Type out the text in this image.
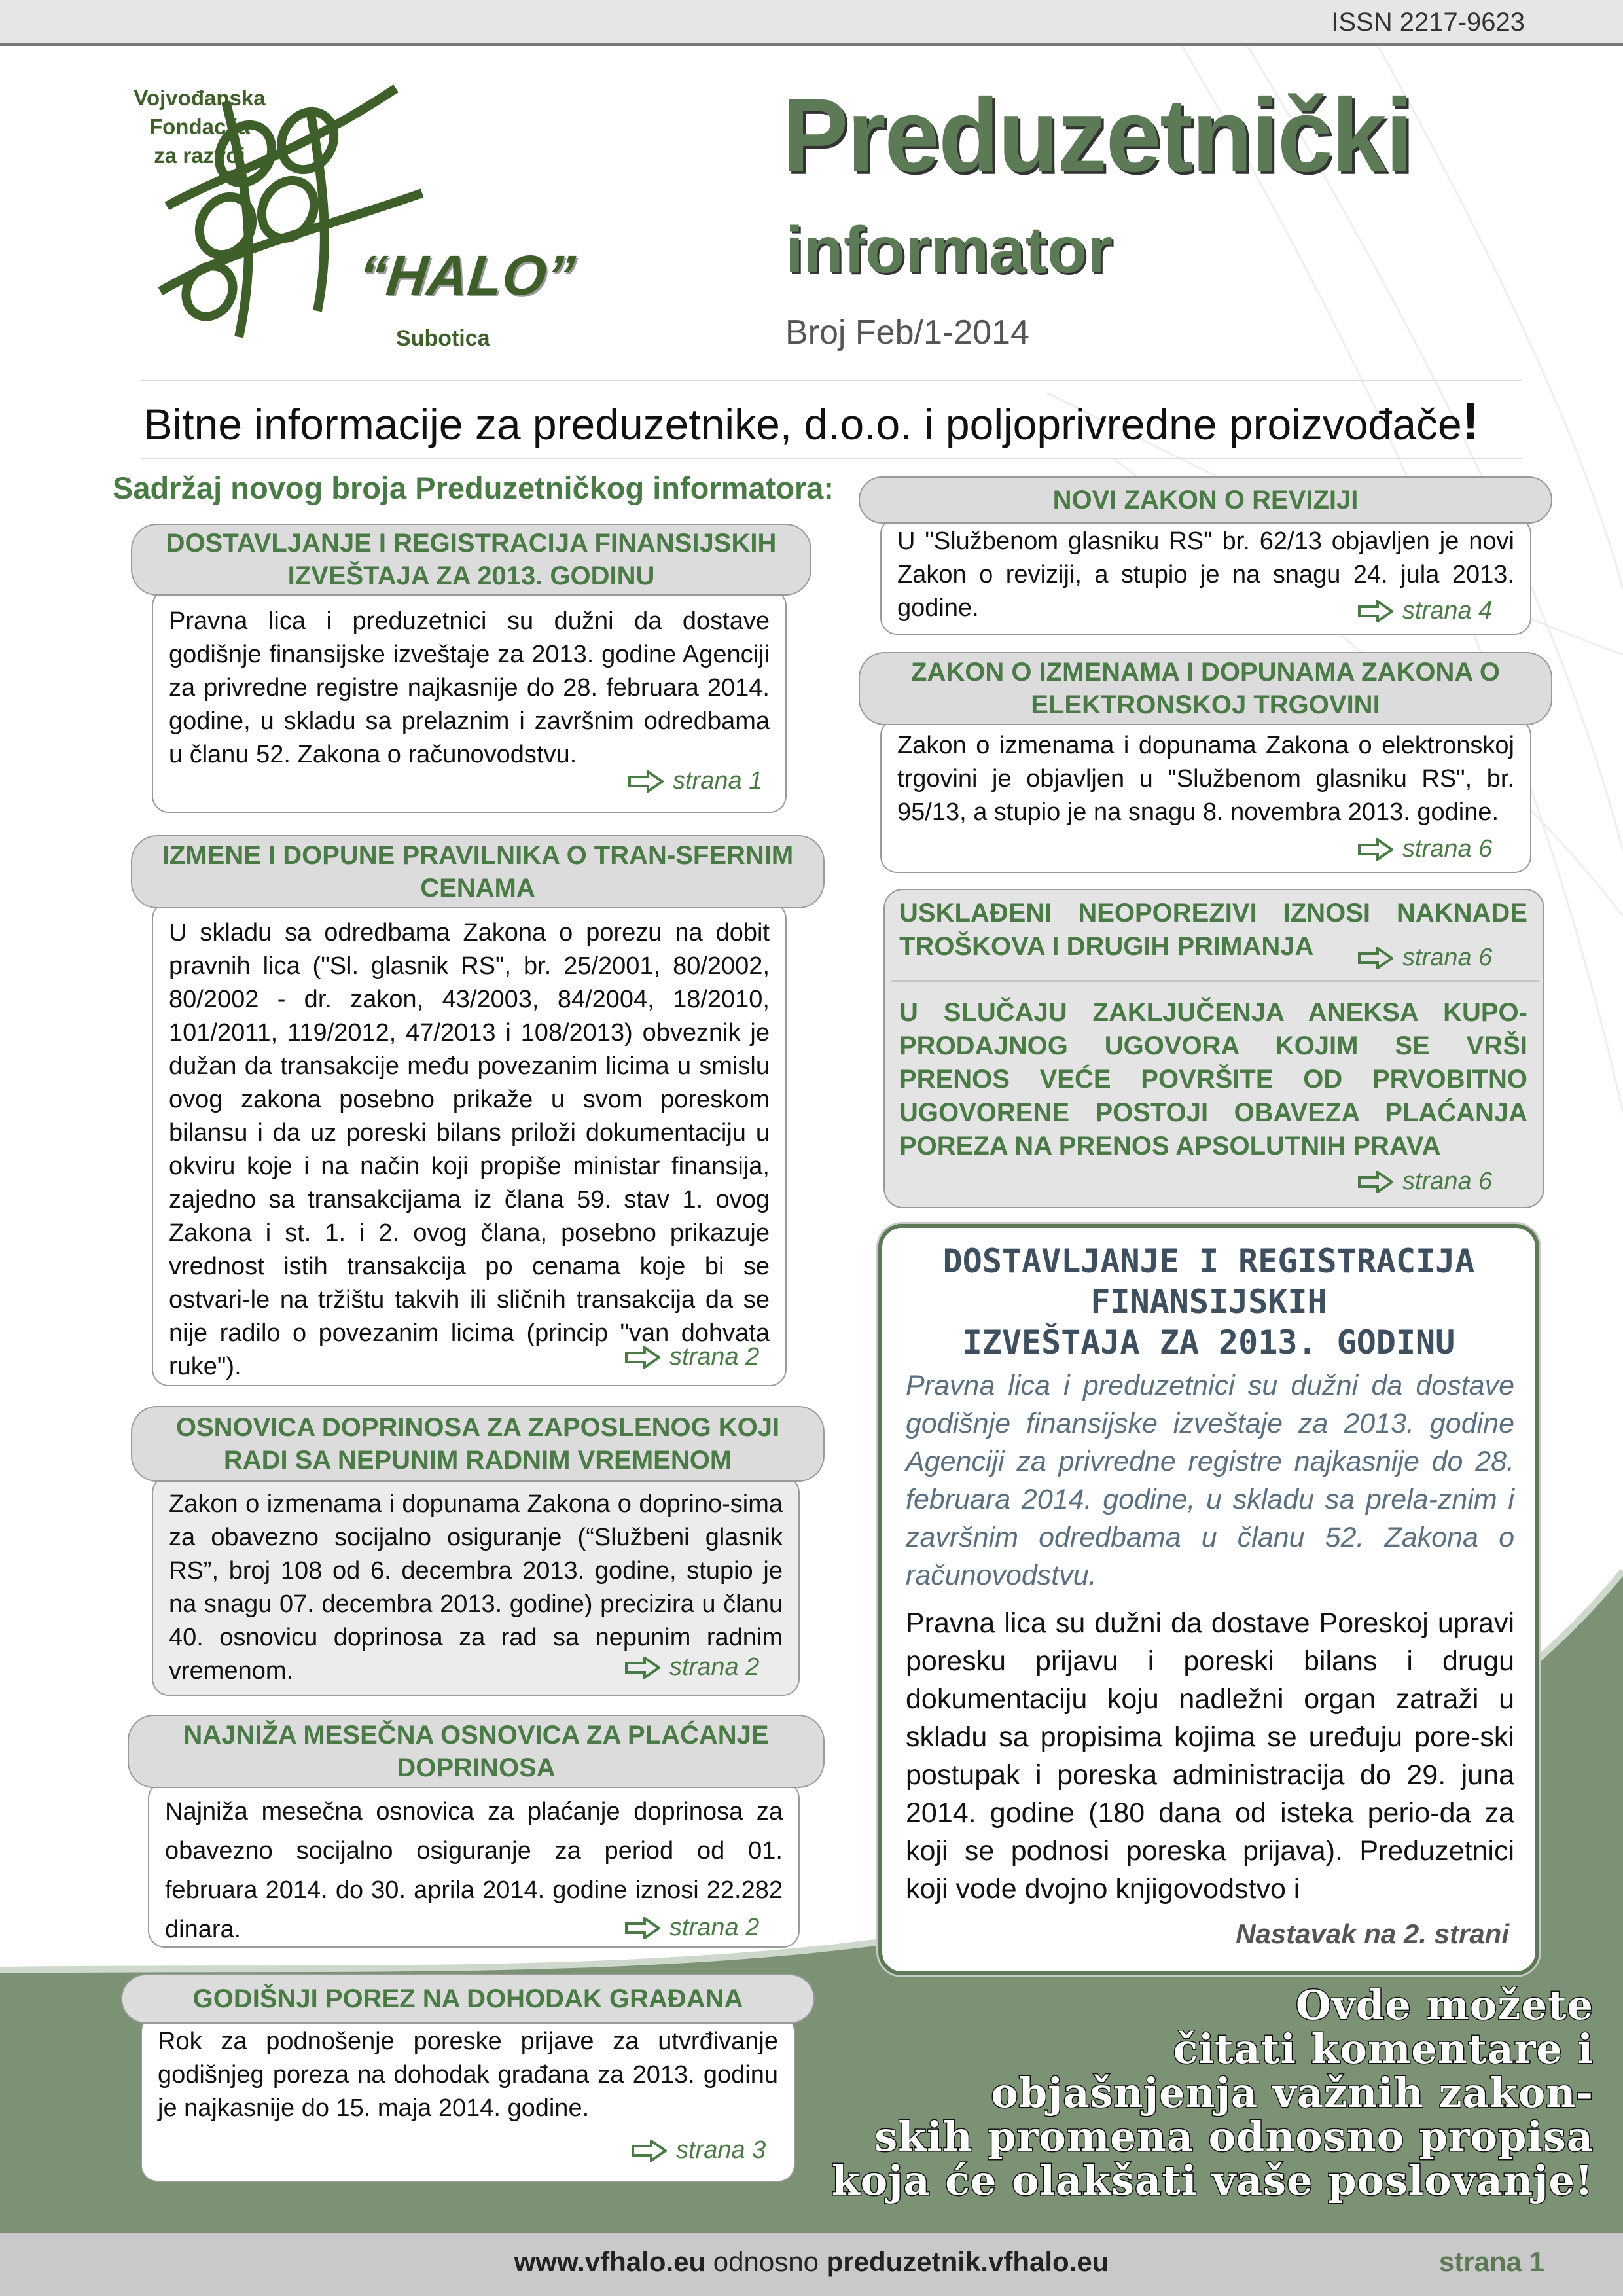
ISSN 2217-9623
Vojvođanska Fondacija
za razvoj
“HALO”
Subotica
Preduzetnički
informator
Broj Feb/1-2014
Bitne informacije za preduzetnike, d.o.o. i poljoprivredne proizvođače!
Sadržaj novog broja Preduzetničkog informatora:
Pravna lica i preduzetnici su dužni da dostave godišnje finansijske izveštaje za 2013. godine Agenciji za privredne registre najkasnije do 28. februara 2014. godine, u skladu sa prelaznim i završnim odredbama u članu 52. Zakona o računovodstvu.
DOSTAVLJANJE I REGISTRACIJA FINANSIJSKIH IZVEŠTAJA ZA 2013. GODINU
strana 1
U skladu sa odredbama Zakona o porezu na dobit pravnih lica ("Sl. glasnik RS", br. 25/2001, 80/2002, 80/2002 - dr. zakon, 43/2003, 84/2004, 18/2010, 101/2011, 119/2012, 47/2013 i 108/2013) obveznik je dužan da transakcije među povezanim licima u smislu ovog zakona posebno prikaže u svom poreskom bilansu i da uz poreski bilans priloži dokumentaciju u okviru koje i na način koji propiše ministar finansija, zajedno sa transakcijama iz člana 59. stav 1. ovog Zakona i st. 1. i 2. ovog člana, posebno prikazuje vrednost istih transakcija po cenama koje bi se ostvari-le na tržištu takvih ili sličnih transakcija da se nije radilo o povezanim licima (princip "van dohvata ruke").
IZMENE I DOPUNE PRAVILNIKA O TRAN-SFERNIM CENAMA
strana 2
Zakon o izmenama i dopunama Zakona o doprino-sima za obavezno socijalno osiguranje (“Službeni glasnik RS”, broj 108 od 6. decembra 2013. godine, stupio je na snagu 07. decembra 2013. godine) precizira u članu 40. osnovicu doprinosa za rad sa nepunim radnim vremenom.
OSNOVICA DOPRINOSA ZA ZAPOSLENOG KOJI RADI SA NEPUNIM RADNIM VREMENOM
strana 2
Najniža mesečna osnovica za plaćanje doprinosa za obavezno socijalno osiguranje za period od 01. februara 2014. do 30. aprila 2014. godine iznosi 22.282 dinara.
NAJNIŽA MESEČNA OSNOVICA ZA PLAĆANJE DOPRINOSA
strana 2
Rok za podnošenje poreske prijave za utvrđivanje godišnjeg poreza na dohodak građana za 2013. godinu je najkasnije do 15. maja 2014. godine.
GODIŠNJI POREZ NA DOHODAK GRAĐANA
strana 3
U "Službenom glasniku RS" br. 62/13 objavljen je novi Zakon o reviziji, a stupio je na snagu 24. jula 2013. godine.
NOVI ZAKON O REVIZIJI
strana 4
Zakon o izmenama i dopunama Zakona o elektronskoj trgovini je objavljen u "Službenom glasniku RS", br. 95/13, a stupio je na snagu 8. novembra 2013. godine.
ZAKON O IZMENAMA I DOPUNAMA ZAKONA O ELEKTRONSKOJ TRGOVINI
strana 6
USKLAĐENI NEOPOREZIVI IZNOSI NAKNADE TROŠKOVA I DRUGIH PRIMANJA
U SLUČAJU ZAKLJUČENJA ANEKSA KUPO-PRODAJNOG UGOVORA KOJIM SE VRŠI PRENOS VEĆE POVRŠITE OD PRVOBITNO UGOVORENE POSTOJI OBAVEZA PLAĆANJA POREZA NA PRENOS APSOLUTNIH PRAVA
strana 6
strana 6
DOSTAVLJANJE I REGISTRACIJA
FINANSIJSKIH
IZVEŠTAJA ZA 2013. GODINU
Pravna lica i preduzetnici su dužni da dostave godišnje finansijske izveštaje za 2013. godine Agenciji za privredne registre najkasnije do 28. februara 2014. godine, u skladu sa prela-znim i završnim odredbama u članu 52. Zakona o računovodstvu.
Pravna lica su dužni da dostave Poreskoj upravi poresku prijavu i poreski bilans i drugu dokumentaciju koju nadležni organ zatraži u skladu sa propisima kojima se uređuju pore-ski postupak i poreska administracija do 29. juna 2014. godine (180 dana od isteka perio-da za koji se podnosi poreska prijava). Preduzetnici koji vode dvojno knjigovodstvo i
Nastavak na 2. strani
Ovde možete
čitati komentare i
objašnjenja važnih zakon-
skih promena odnosno propisa
koja će olakšati vaše poslovanje!
www.vfhalo.eu odnosno preduzetnik.vfhalo.eu	strana 1
